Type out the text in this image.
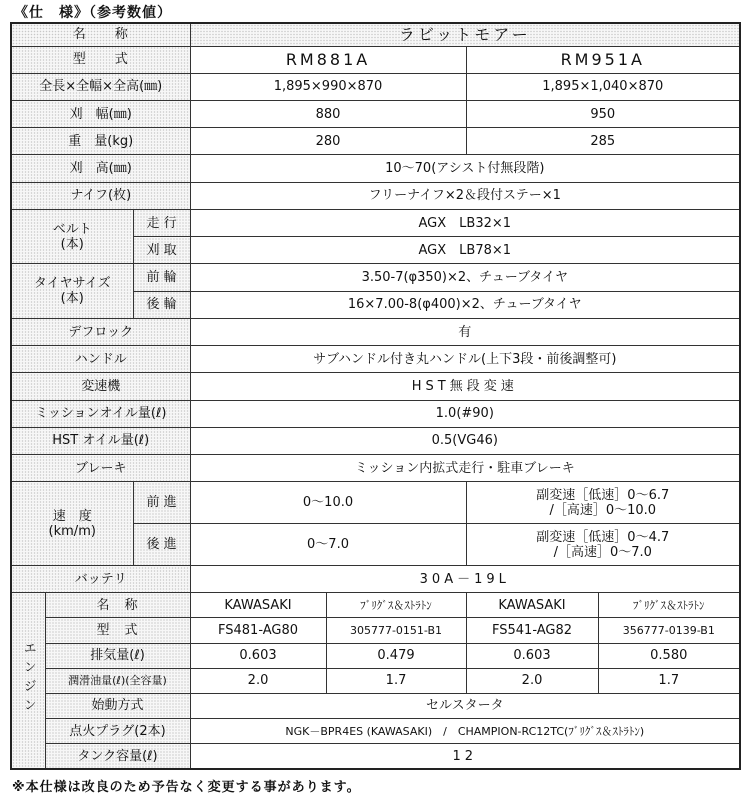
《仕　様》（参考数値）
名　　称			ラビットモアー			
型　　式			RM881A		RM951A	
全長×全幅×全高(㎜)			1,895×990×870		1,895×1,040×870	
刈　幅(㎜)			880		950	
重　量(kg)			280		285	
刈　高(㎜)			10～70(アシスト付無段階)			
ナイフ(枚)			フリーナイフ×2＆段付ステー×1			
ベルト
(本)		走 行	AGX　LB32×1			
		刈 取	AGX　LB78×1			
タイヤサイズ
(本)		前 輪	3.50-7(φ350)×2、チューブタイヤ			
		後 輪	16×7.00-8(φ400)×2、チューブタイヤ			
デフロック			有			
ハンドル			サブハンドル付き丸ハンドル(上下3段・前後調整可)			
変速機			HST無段変速			
ミッションオイル量(ℓ)			1.0(#90)			
HST オイル量(ℓ)			0.5(VG46)			
ブレーキ			ミッション内拡式走行・駐車ブレーキ			
速　度
(km/m)		前 進	0～10.0		副変速［低速］0～6.7
/［高速］0～10.0	
		後 進	0～7.0		副変速［低速］0～4.7
/［高速］0～7.0	
バッテリ			30A－19L			
エンジン	名　称		KAWASAKI	ﾌﾞﾘｸﾞｽ＆ｽﾄﾗﾄﾝ	KAWASAKI	ﾌﾞﾘｸﾞｽ＆ｽﾄﾗﾄﾝ
	型　式		FS481-AG80	305777-0151-B1	FS541-AG82	356777-0139-B1
	排気量(ℓ)		0.603	0.479	0.603	0.580
	潤滑油量(ℓ)(全容量)		2.0	1.7	2.0	1.7
	始動方式		セルスタータ			
	点火プラグ(2本)		NGK－BPR4ES (KAWASAKI)　/　CHAMPION-RC12TC(ﾌﾞﾘｸﾞｽ＆ｽﾄﾗﾄﾝ)			
	タンク容量(ℓ)		12			
※本仕様は改良のため予告なく変更する事があります。
